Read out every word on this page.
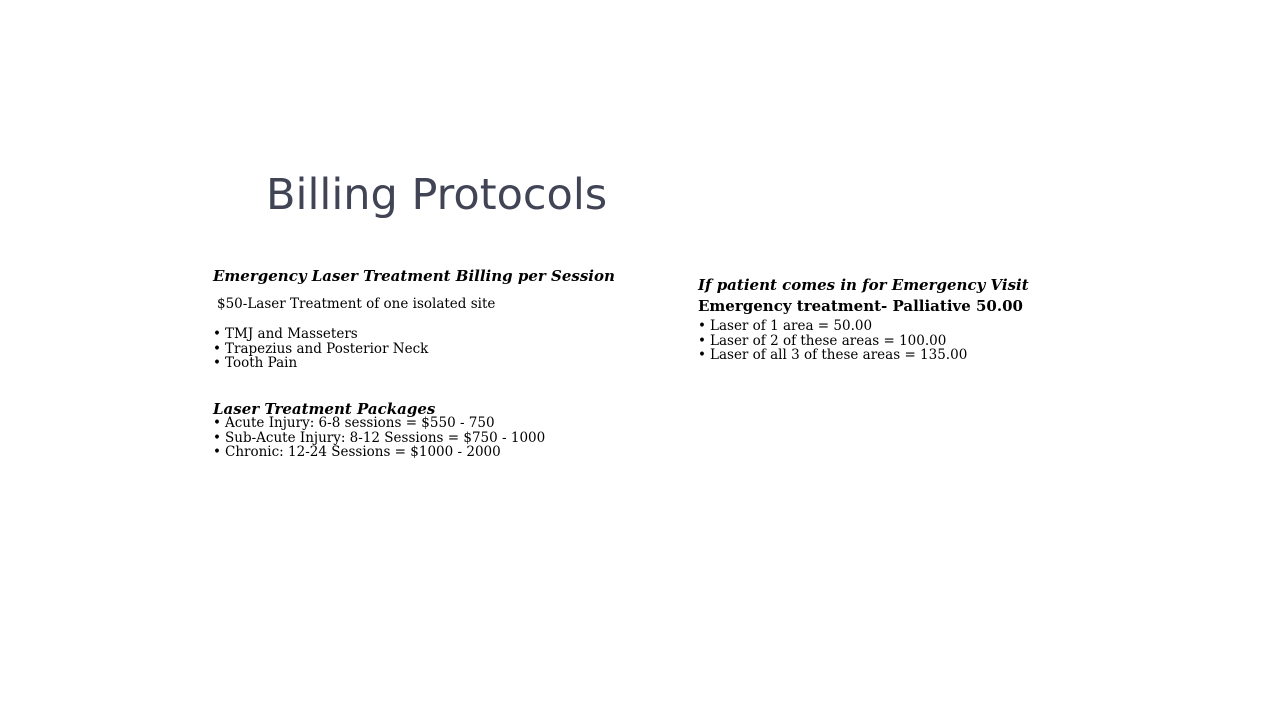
Billing Protocols
Emergency Laser Treatment Billing per Session
$50-Laser Treatment of one isolated site
• TMJ and Masseters
• Trapezius and Posterior Neck
• Tooth Pain
Laser Treatment Packages
• Acute Injury: 6-8 sessions = $550 - 750
• Sub-Acute Injury: 8-12 Sessions = $750 - 1000
• Chronic: 12-24 Sessions = $1000 - 2000
If patient comes in for Emergency Visit
Emergency treatment- Palliative 50.00
• Laser of 1 area = 50.00
• Laser of 2 of these areas = 100.00
• Laser of all 3 of these areas = 135.00
